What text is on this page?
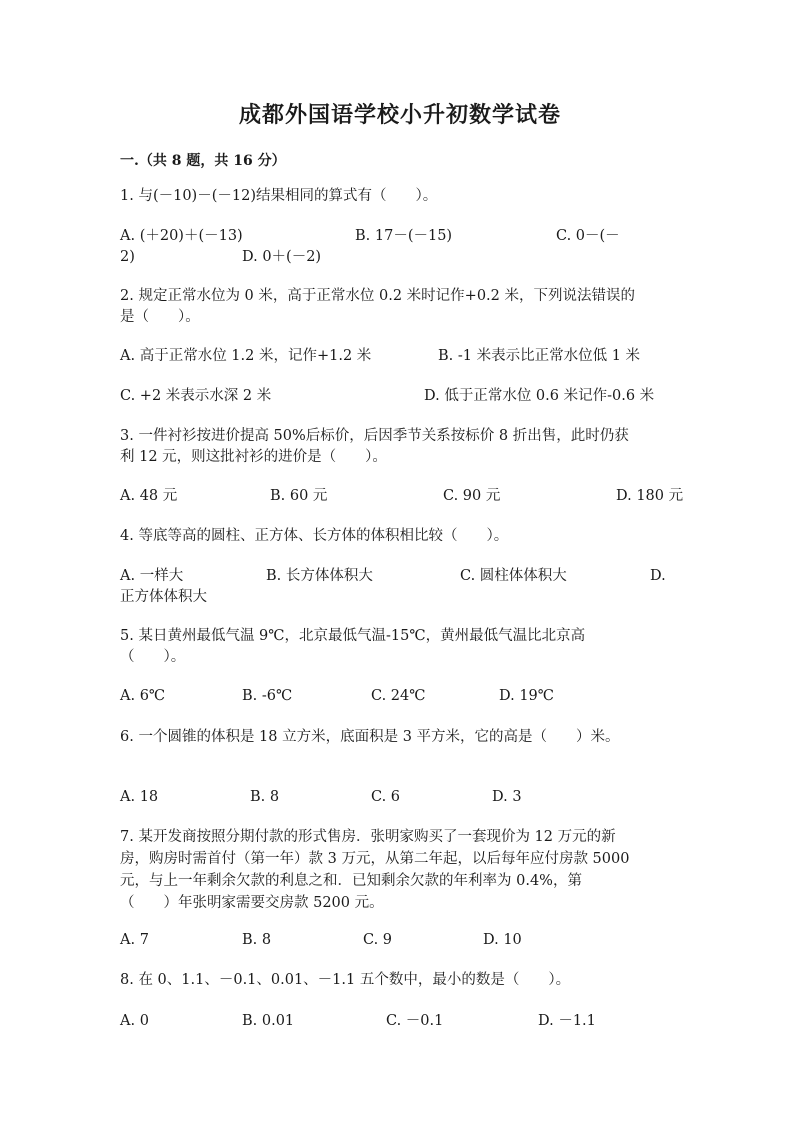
成都外国语学校小升初数学试卷
一.（共 8 题，共 16 分）
1. 与(－10)－(－12)结果相同的算式有（　　）。
A. (＋20)＋(－13)	B. 17－(－15)	C. 0－(－
2)	D. 0＋(－2)
2. 规定正常水位为 0 米，高于正常水位 0.2 米时记作+0.2 米，下列说法错误的
是（　　）。
A. 高于正常水位 1.2 米，记作+1.2 米	B. -1 米表示比正常水位低 1 米
C. +2 米表示水深 2 米	D. 低于正常水位 0.6 米记作-0.6 米
3. 一件衬衫按进价提高 50%后标价，后因季节关系按标价 8 折出售，此时仍获
利 12 元，则这批衬衫的进价是（　　）。
A. 48 元	B. 60 元	C. 90 元	D. 180 元
4. 等底等高的圆柱、正方体、长方体的体积相比较（　　）。
A. 一样大	B. 长方体体积大	C. 圆柱体体积大	D.
正方体体积大
5. 某日黄州最低气温 9℃，北京最低气温-15℃，黄州最低气温比北京高
（　　）。
A. 6℃	B. -6℃	C. 24℃	D. 19℃
6. 一个圆锥的体积是 18 立方米，底面积是 3 平方米，它的高是（　　）米。
A. 18	B. 8	C. 6	D. 3
7. 某开发商按照分期付款的形式售房．张明家购买了一套现价为 12 万元的新
房，购房时需首付（第一年）款 3 万元，从第二年起，以后每年应付房款 5000
元，与上一年剩余欠款的利息之和．已知剩余欠款的年利率为 0.4%，第
（　　）年张明家需要交房款 5200 元。
A. 7	B. 8	C. 9	D. 10
8. 在 0、1.1、－0.1、0.01、－1.1 五个数中，最小的数是（　　）。
A. 0	B. 0.01	C. －0.1	D. －1.1
